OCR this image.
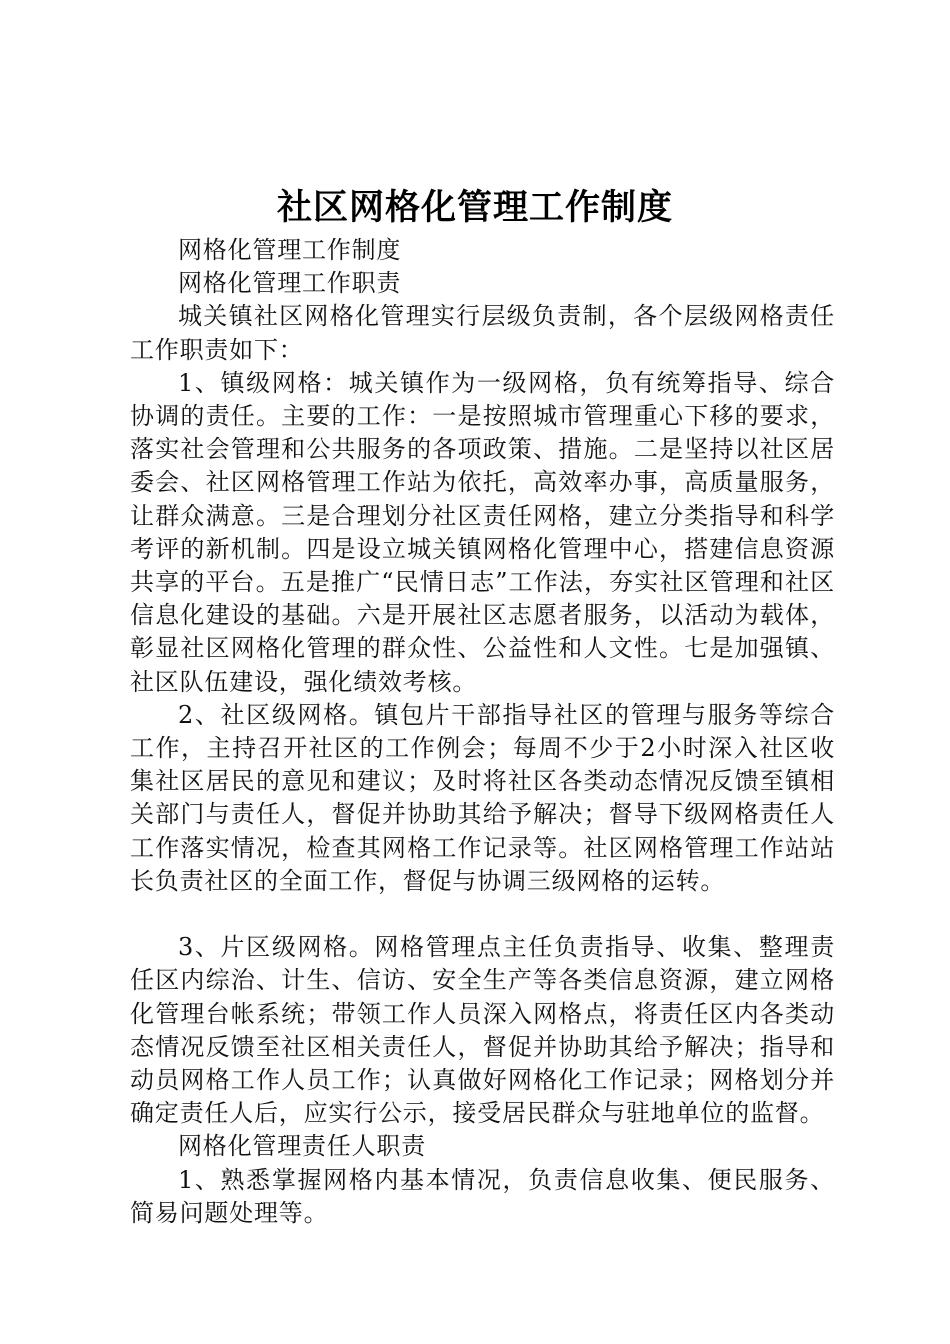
社区网格化管理工作制度

网格化管理工作制度

网格化管理工作职责

城关镇社区网格化管理实行层级负责制，各个层级网格责任工作职责如下：

1、镇级网格：城关镇作为一级网格，负有统筹指导、综合协调的责任。主要的工作：一是按照城市管理重心下移的要求，落实社会管理和公共服务的各项政策、措施。二是坚持以社区居委会、社区网格管理工作站为依托，高效率办事，高质量服务，让群众满意。三是合理划分社区责任网格，建立分类指导和科学考评的新机制。四是设立城关镇网格化管理中心，搭建信息资源共享的平台。五是推广“民情日志”工作法，夯实社区管理和社区信息化建设的基础。六是开展社区志愿者服务，以活动为载体，彰显社区网格化管理的群众性、公益性和人文性。七是加强镇、社区队伍建设，强化绩效考核。

2、社区级网格。镇包片干部指导社区的管理与服务等综合工作，主持召开社区的工作例会；每周不少于2小时深入社区收集社区居民的意见和建议；及时将社区各类动态情况反馈至镇相关部门与责任人，督促并协助其给予解决；督导下级网格责任人工作落实情况，检查其网格工作记录等。社区网格管理工作站站长负责社区的全面工作，督促与协调三级网格的运转。

3、片区级网格。网格管理点主任负责指导、收集、整理责任区内综治、计生、信访、安全生产等各类信息资源，建立网格化管理台帐系统；带领工作人员深入网格点，将责任区内各类动态情况反馈至社区相关责任人，督促并协助其给予解决；指导和动员网格工作人员工作；认真做好网格化工作记录；网格划分并确定责任人后，应实行公示，接受居民群众与驻地单位的监督。

网格化管理责任人职责

1、熟悉掌握网格内基本情况，负责信息收集、便民服务、简易问题处理等。
